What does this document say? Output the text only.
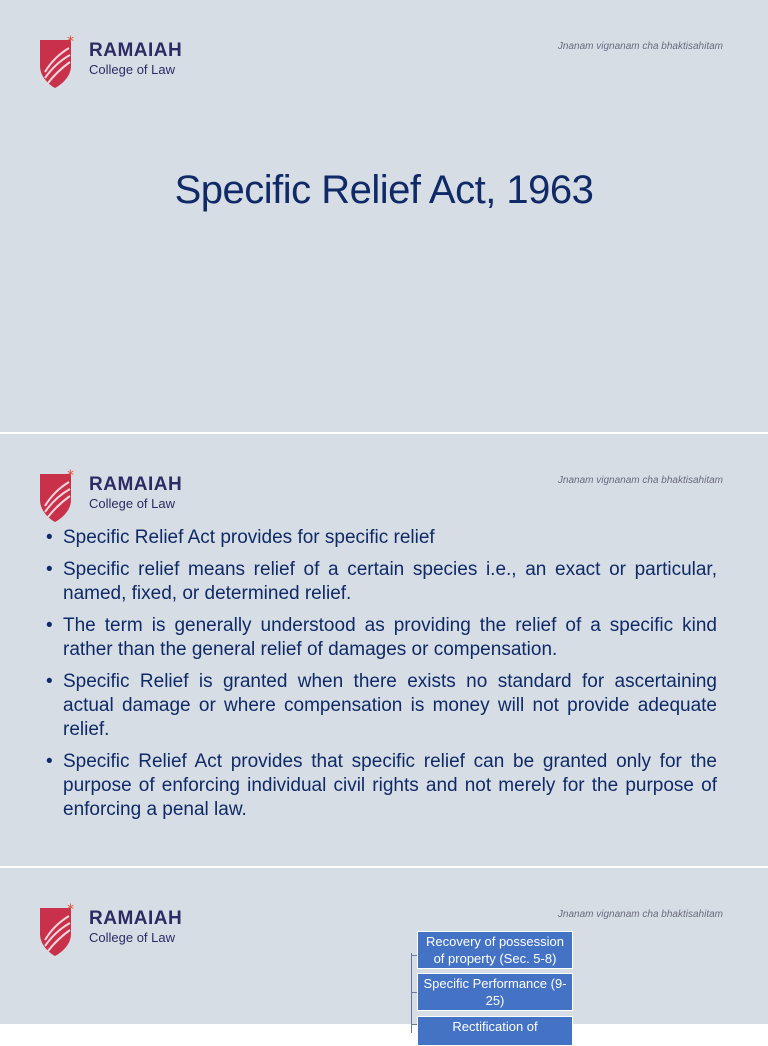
* RAMAIAH
College of Law
Jnanam vignanam cha bhaktisahitam
Specific Relief Act, 1963
* RAMAIAH
College of Law
Jnanam vignanam cha bhaktisahitam
• Specific Relief Act provides for specific relief
• Specific relief means relief of a certain species i.e., an exact or particular, named, fixed, or determined relief.
• The term is generally understood as providing the relief of a specific kind rather than the general relief of damages or compensation.
• Specific Relief is granted when there exists no standard for ascertaining actual damage or where compensation is money will not provide adequate relief.
• Specific Relief Act provides that specific relief can be granted only for the purpose of enforcing individual civil rights and not merely for the purpose of enforcing a penal law.
* RAMAIAH
College of Law
Jnanam vignanam cha bhaktisahitam
Recovery of possession of property (Sec. 5-8)
Specific Performance (9-25)
Rectification of
